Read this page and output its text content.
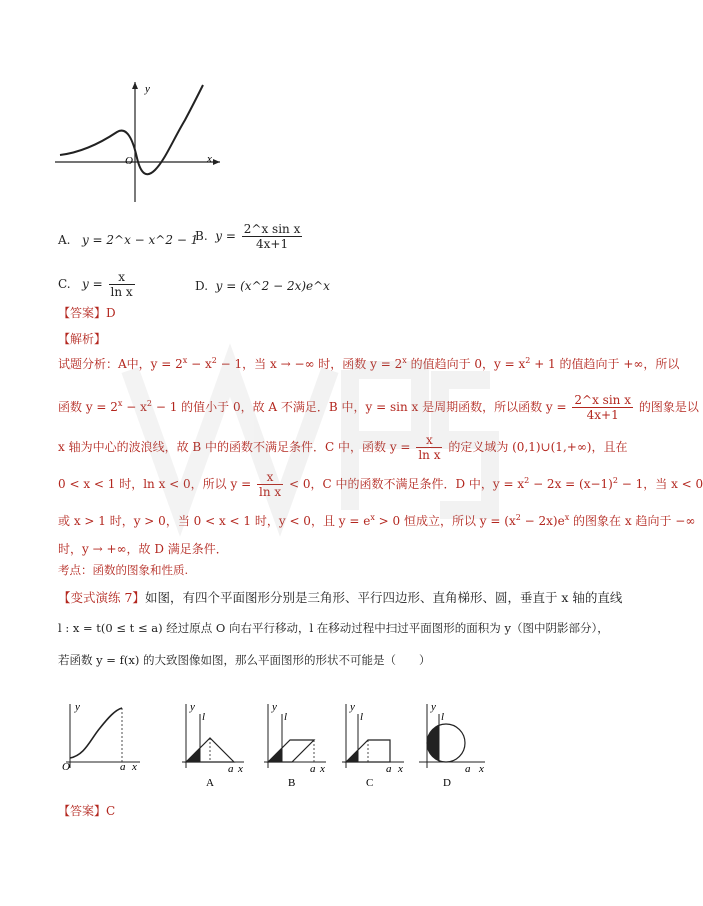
y
x
O
A. y = 2^x − x^2 − 1
B. $y = \frac{\text{2\textasciicircum{}x sin x}}{4x+1}$
C. $y = \frac{x}{\text{ln x}}$	D. y = (x^2 − 2x)e^x
【答案】D
【解析】
试题分析：A中，$y = 2^x - x^2 - 1$，当 x → −∞ 时，函数 $y = 2^x$ 的值趋向于 0，$y = x^2 + 1$ 的值趋向于 +∞，所以
函数 $y = 2^x - x^2 - 1$ 的值小于 0，故 A 不满足．B 中，y = sin x 是周期函数，所以函数 $y = \frac{\text{2\textasciicircum{}x sin x}}{4x+1}$ 的图象是以
x 轴为中心的波浪线，故 B 中的函数不满足条件．C 中，函数 $y = \frac{x}{\text{ln x}}$ 的定义域为 (0,1)∪(1,+∞)，且在
0 < x < 1 时，ln x < 0，所以 $y = \frac{x}{\text{ln x}} < 0$，C 中的函数不满足条件．D 中，$y = x^2 - 2x = (x-1)^2 - 1$，当 x < 0
或 x > 1 时，y > 0，当 0 < x < 1 时，y < 0，且 $y = e^x > 0$ 恒成立，所以 $y = (x^2 - 2x)e^x$ 的图象在 x 趋向于 −∞
时，y → +∞，故 D 满足条件．
考点：函数的图象和性质.
【变式演练 7】如图，有四个平面图形分别是三角形、平行四边形、直角梯形、圆，垂直于 x 轴的直线
l : x = t(0 ≤ t ≤ a) 经过原点 O 向右平行移动，l 在移动过程中扫过平面图形的面积为 y（图中阴影部分），
若函数 y = f(x) 的大致图像如图，那么平面图形的形状不可能是（　　）
y
O	a x
y
l
a x
A
y
l
a x
B
y
l
a x
C
y
l
a x
D
【答案】C
